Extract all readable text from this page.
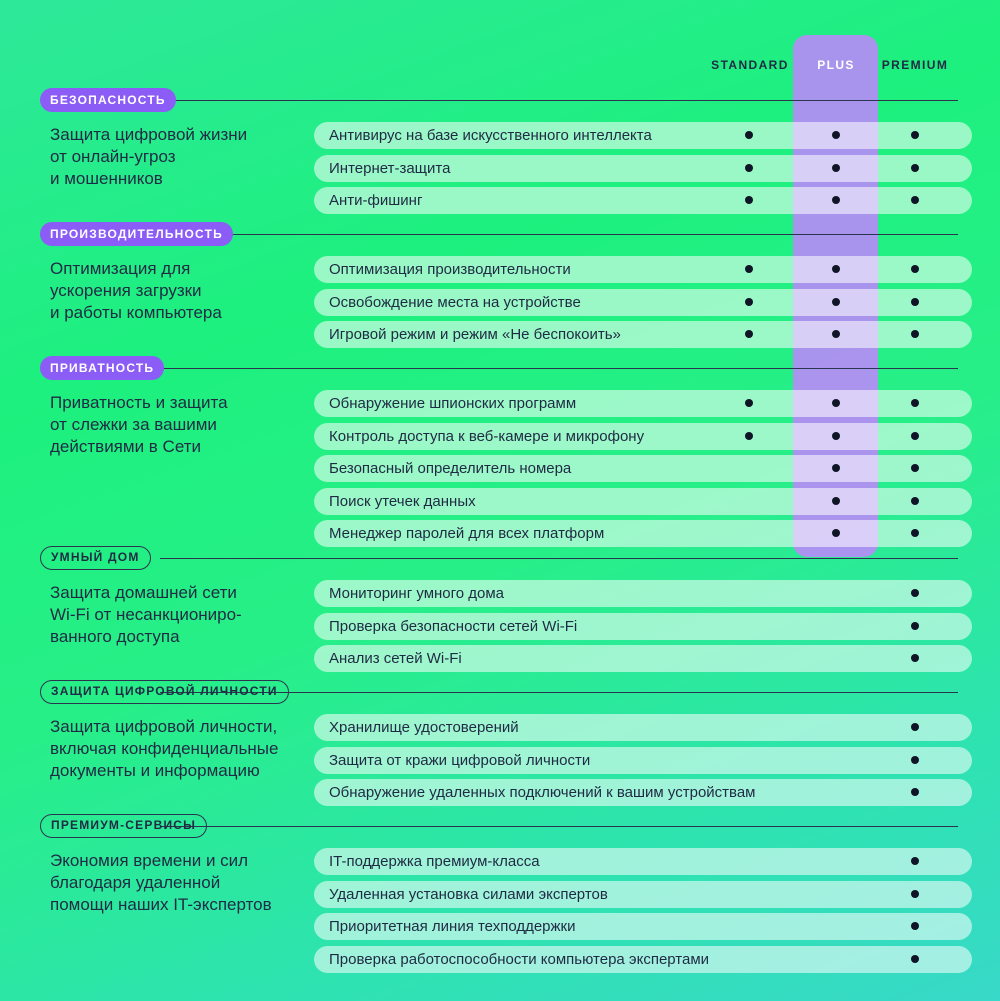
STANDARD	PLUS	PREMIUM
БЕЗОПАСНОСТЬ
Защита цифровой жизни
от онлайн-угроз
и мошенников
Антивирус на базе искусственного интеллекта
Интернет-защита
Анти-фишинг
ПРОИЗВОДИТЕЛЬНОСТЬ
Оптимизация для
ускорения загрузки
и работы компьютера
Оптимизация производительности
Освобождение места на устройстве
Игровой режим и режим «Не беспокоить»
ПРИВАТНОСТЬ
Приватность и защита
от слежки за вашими
действиями в Сети
Обнаружение шпионских программ
Контроль доступа к веб-камере и микрофону
Безопасный определитель номера
Поиск утечек данных
Менеджер паролей для всех платформ
УМНЫЙ ДОМ
Защита домашней сети
Wi-Fi от несанкциониро-
ванного доступа
Мониторинг умного дома
Проверка безопасности сетей Wi-Fi
Анализ сетей Wi-Fi
ЗАЩИТА ЦИФРОВОЙ ЛИЧНОСТИ
Защита цифровой личности,
включая конфиденциальные
документы и информацию
Хранилище удостоверений
Защита от кражи цифровой личности
Обнаружение удаленных подключений к вашим устройствам
ПРЕМИУМ-СЕРВИСЫ
Экономия времени и сил
благодаря удаленной
помощи наших IT-экспертов
IT-поддержка премиум-класса
Удаленная установка силами экспертов
Приоритетная линия техподдержки
Проверка работоспособности компьютера экспертами
